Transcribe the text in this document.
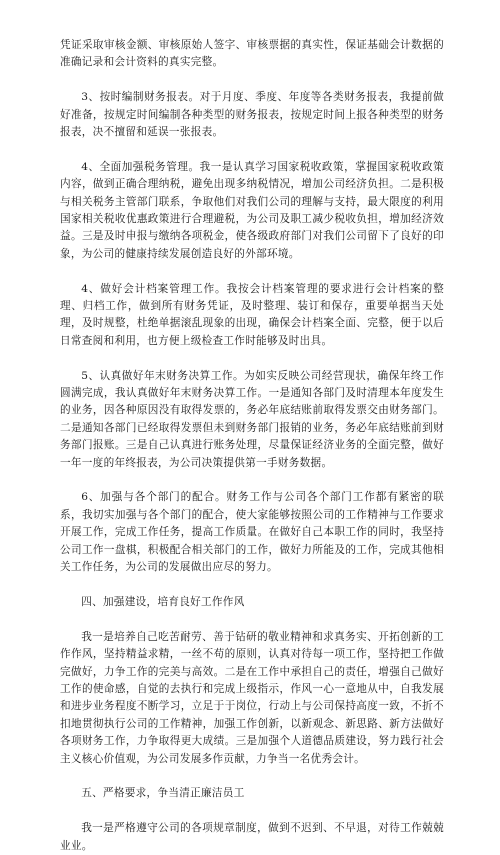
凭证采取审核金额、审核原始人签字、审核票据的真实性，保证基础会计数据的准确记录和会计资料的真实完整。

3、按时编制财务报表。对于月度、季度、年度等各类财务报表，我提前做好准备，按规定时间编制各种类型的财务报表，按规定时间上报各种类型的财务报表，决不擅留和延误一张报表。

4、全面加强税务管理。我一是认真学习国家税收政策，掌握国家税收政策内容，做到正确合理纳税，避免出现多纳税情况，增加公司经济负担。二是积极与相关税务主管部门联系，争取他们对我们公司的理解与支持，最大限度的利用国家相关税收优惠政策进行合理避税，为公司及职工减少税收负担，增加经济效益。三是及时申报与缴纳各项税金，使各级政府部门对我们公司留下了良好的印象，为公司的健康持续发展创造良好的外部环境。

4、做好会计档案管理工作。我按会计档案管理的要求进行会计档案的整理、归档工作，做到所有财务凭证，及时整理、装订和保存，重要单据当天处理，及时规整，杜绝单据滚乱现象的出现，确保会计档案全面、完整，便于以后日常查阅和利用，也方便上级检查工作时能够及时出具。

5、认真做好年末财务决算工作。为如实反映公司经营现状，确保年终工作圆满完成，我认真做好年末财务决算工作。一是通知各部门及时清理本年度发生的业务，因各种原因没有取得发票的，务必年底结账前取得发票交由财务部门。二是通知各部门已经取得发票但未到财务部门报销的业务，务必年底结账前到财务部门报账。三是自己认真进行账务处理，尽量保证经济业务的全面完整，做好一年一度的年终报表，为公司决策提供第一手财务数据。

6、加强与各个部门的配合。财务工作与公司各个部门工作都有紧密的联系，我切实加强与各个部门的配合，使大家能够按照公司的工作精神与工作要求开展工作，完成工作任务，提高工作质量。在做好自己本职工作的同时，我坚持公司工作一盘棋，积极配合相关部门的工作，做好力所能及的工作，完成其他相关工作任务，为公司的发展做出应尽的努力。

四、加强建设，培育良好工作作风

我一是培养自己吃苦耐劳、善于钻研的敬业精神和求真务实、开拓创新的工作作风，坚持精益求精，一丝不苟的原则，认真对待每一项工作，坚持把工作做完做好，力争工作的完美与高效。二是在工作中承担自己的责任，增强自己做好工作的使命感，自觉的去执行和完成上级指示，作风一心一意地从中，自我发展和进步业务程度不断学习，立足于于岗位，行动上与公司保持高度一致，不折不扣地贯彻执行公司的工作精神，加强工作创新，以新观念、新思路、新方法做好各项财务工作，力争取得更大成绩。三是加强个人道德品质建设，努力践行社会主义核心价值观，为公司发展多作贡献，力争当一名优秀会计。

五、严格要求，争当清正廉洁员工

我一是严格遵守公司的各项规章制度，做到不迟到、不早退，对待工作兢兢业业。
